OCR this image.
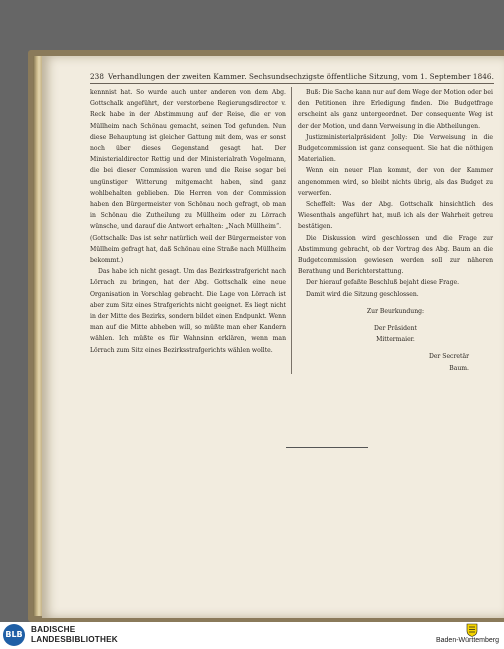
238 Verhandlungen der zweiten Kammer. Sechsundsechzigste öffentliche Sitzung, vom 1. September 1846.

kennnist hat. So wurde auch unter anderen von dem Abg. Gottschalk angeführt, der verstorbene Regierungsdirector v. Reck habe in der Abstimmung auf der Reise, die er von Müllheim nach Schönau gemacht, seinen Tod gefunden. Nun diese Behauptung ist gleicher Gattung mit dem, was er sonst noch über dieses Gegenstand gesagt hat. Der Ministerialdirector Rettig und der Ministerialrath Vogelmann, die bei dieser Commission waren und die Reise sogar bei ungünstiger Witterung mitgemacht haben, sind ganz wohlbehalten geblieben. Die Herren von der Commission haben den Bürgermeister von Schönau noch gefragt, ob man in Schönau die Zutheilung zu Müllheim oder zu Lörrach wünsche, und darauf die Antwort erhalten: „Nach Müllheim“.

(Gottschalk: Das ist sehr natürlich weil der Bürgermeister von Müllheim gefragt hat, daß Schönau eine Straße nach Müllheim bekommt.)

Das habe ich nicht gesagt. Um das Bezirksstrafgericht nach Lörrach zu bringen, hat der Abg. Gottschalk eine neue Organisation in Vorschlag gebracht. Die Lage von Lörrach ist aber zum Sitz eines Strafgerichts nicht geeignet. Es liegt nicht in der Mitte des Bezirks, sondern bildet einen Endpunkt. Wenn man auf die Mitte abheben will, so müßte man eher Kandern wählen. Ich müßte es für Wahnsinn erklären, wenn man Lörrach zum Sitz eines Bezirksstrafgerichts wählen wollte.

Buß: Die Sache kann nur auf dem Wege der Motion oder bei den Petitionen ihre Erledigung finden. Die Budgetfrage erscheint als ganz untergeordnet. Der consequente Weg ist der der Motion, und dann Verweisung in die Abtheilungen.

Justizministerialpräsident Jolly: Die Verweisung in die Budgetcommission ist ganz consequent. Sie hat die nöthigen Materialien.

Wenn ein neuer Plan kommt, der von der Kammer angenommen wird, so bleibt nichts übrig, als das Budget zu verwerfen.

Scheffelt: Was der Abg. Gottschalk hinsichtlich des Wiesenthals angeführt hat, muß ich als der Wahrheit getreu bestätigen.

Die Diskussion wird geschlossen und die Frage zur Abstimmung gebracht, ob der Vortrag des Abg. Baum an die Budgetcommission gewiesen werden soll zur näheren Berathung und Berichterstattung.

Der hierauf gefaßte Beschluß bejaht diese Frage.

Damit wird die Sitzung geschlossen.

Zur Beurkundung:

Der Präsident

Mittermaier.

Der Secretär

Baum.

BLB
BADISCHE
LANDESBIBLIOTHEK	Baden-Württemberg
